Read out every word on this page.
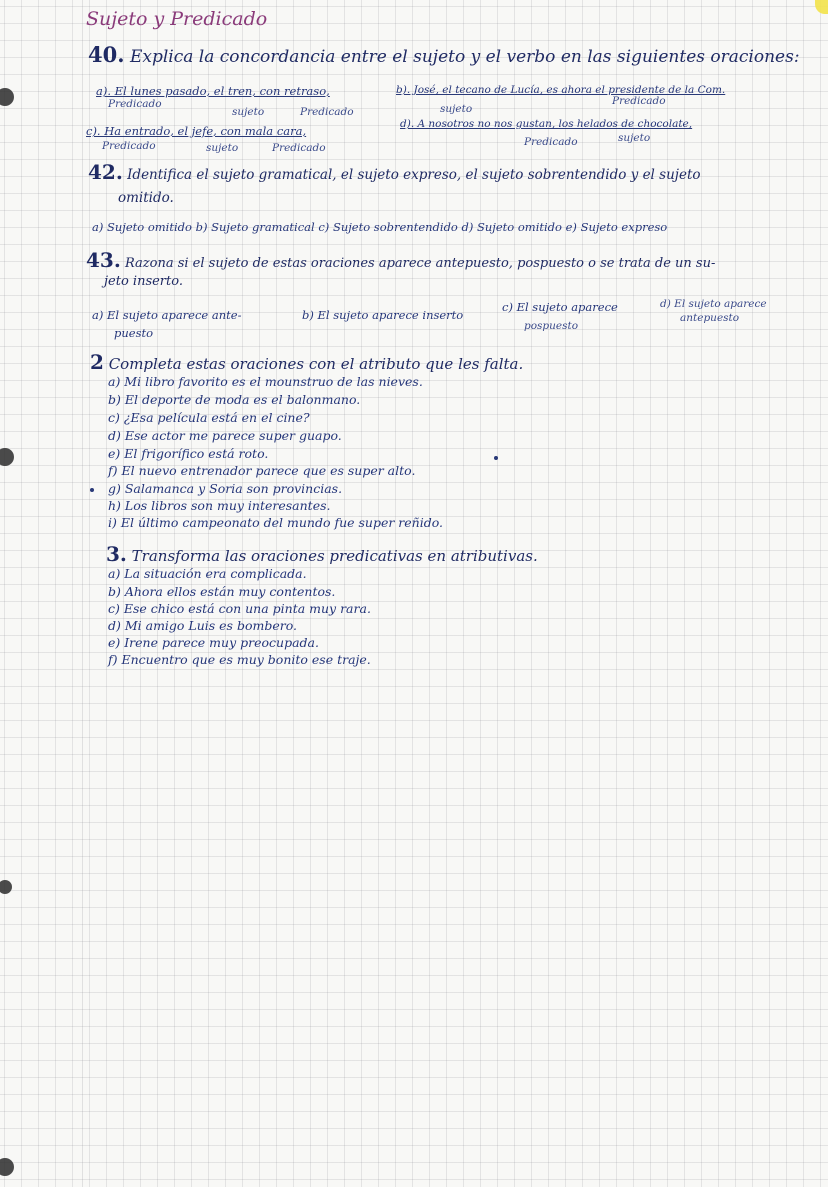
Sujeto y Predicado
40. Explica la concordancia entre el sujeto y el verbo en las siguientes oraciones:
a). El lunes pasado, el tren, con retraso,
Predicado
sujeto	Predicado
b). José, el tecano de Lucía, es ahora el presidente de la Com.
sujeto
Predicado
c). Ha entrado, el jefe, con mala cara,
Predicado	sujeto	Predicado
d). A nosotros no nos gustan, los helados de chocolate,
Predicado	sujeto
42. Identifica el sujeto gramatical, el sujeto expreso, el sujeto sobrentendido y el sujeto
omitido.
a) Sujeto omitido b) Sujeto gramatical c) Sujeto sobrentendido d) Sujeto omitido e) Sujeto expreso
43. Razona si el sujeto de estas oraciones aparece antepuesto, pospuesto o se trata de un su-
jeto inserto.
a) El sujeto aparece ante-
puesto
b) El sujeto aparece inserto
c) El sujeto aparece
pospuesto
d) El sujeto aparece
antepuesto
2 Completa estas oraciones con el atributo que les falta.
a) Mi libro favorito es el mounstruo de las nieves.
b) El deporte de moda es el balonmano.
c) ¿Esa película está en el cine?
d) Ese actor me parece super guapo.
e) El frigorífico está roto.
f) El nuevo entrenador parece que es super alto.
g) Salamanca y Soria son provincias.
h) Los libros son muy interesantes.
i) El último campeonato del mundo fue super reñido.
3. Transforma las oraciones predicativas en atributivas.
a) La situación era complicada.
b) Ahora ellos están muy contentos.
c) Ese chico está con una pinta muy rara.
d) Mi amigo Luis es bombero.
e) Irene parece muy preocupada.
f) Encuentro que es muy bonito ese traje.
